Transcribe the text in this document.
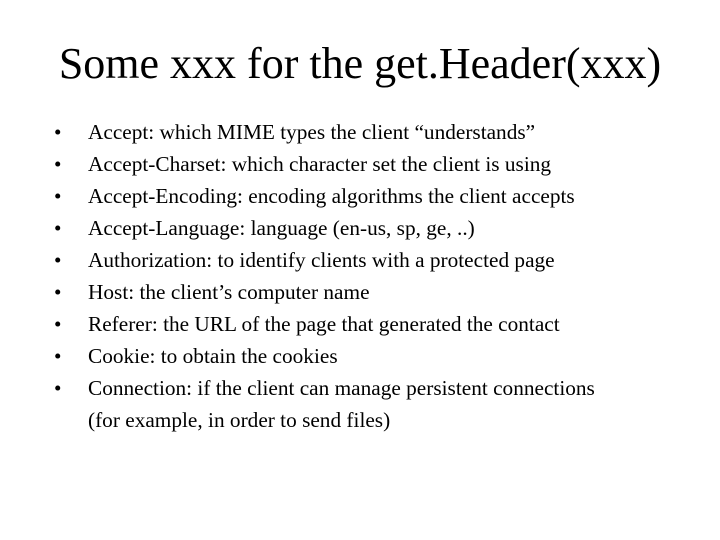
Some xxx for the get.Header(xxx)
•	Accept: which MIME types the client “understands”
•	Accept-Charset: which character set the client is using
•	Accept-Encoding: encoding algorithms the client accepts
•	Accept-Language: language (en-us, sp, ge, ..)
•	Authorization: to identify clients with a protected page
•	Host: the client’s computer name
•	Referer: the URL of the page that generated the contact
•	Cookie: to obtain the cookies
•	Connection: if the client can manage persistent connections
(for example, in order to send files)
